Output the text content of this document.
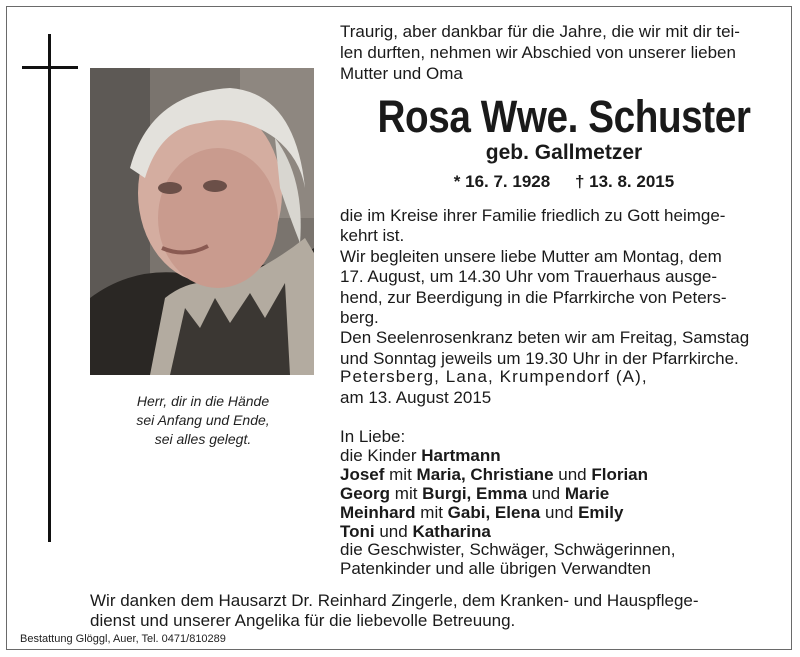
Herr, dir in die Hände
sei Anfang und Ende,
sei alles gelegt.
Traurig, aber dankbar für die Jahre, die wir mit dir tei-
len durften, nehmen wir Abschied von unserer lieben
Mutter und Oma
Rosa Wwe. Schuster
geb. Gallmetzer
* 16. 7. 1928 † 13. 8. 2015
die im Kreise ihrer Familie friedlich zu Gott heimge-
kehrt ist.
Wir begleiten unsere liebe Mutter am Montag, dem
17. August, um 14.30 Uhr vom Trauerhaus ausge-
hend, zur Beerdigung in die Pfarrkirche von Peters-
berg.
Den Seelenrosenkranz beten wir am Freitag, Samstag
und Sonntag jeweils um 19.30 Uhr in der Pfarrkirche.
Petersberg, Lana, Krumpendorf (A),
am 13. August 2015
In Liebe:
die Kinder Hartmann
Josef mit Maria, Christiane und Florian
Georg mit Burgi, Emma und Marie
Meinhard mit Gabi, Elena und Emily
Toni und Katharina
die Geschwister, Schwäger, Schwägerinnen,
Patenkinder und alle übrigen Verwandten
Wir danken dem Hausarzt Dr. Reinhard Zingerle, dem Kranken- und Hauspflege-
dienst und unserer Angelika für die liebevolle Betreuung.
Bestattung Glöggl, Auer, Tel. 0471/810289
